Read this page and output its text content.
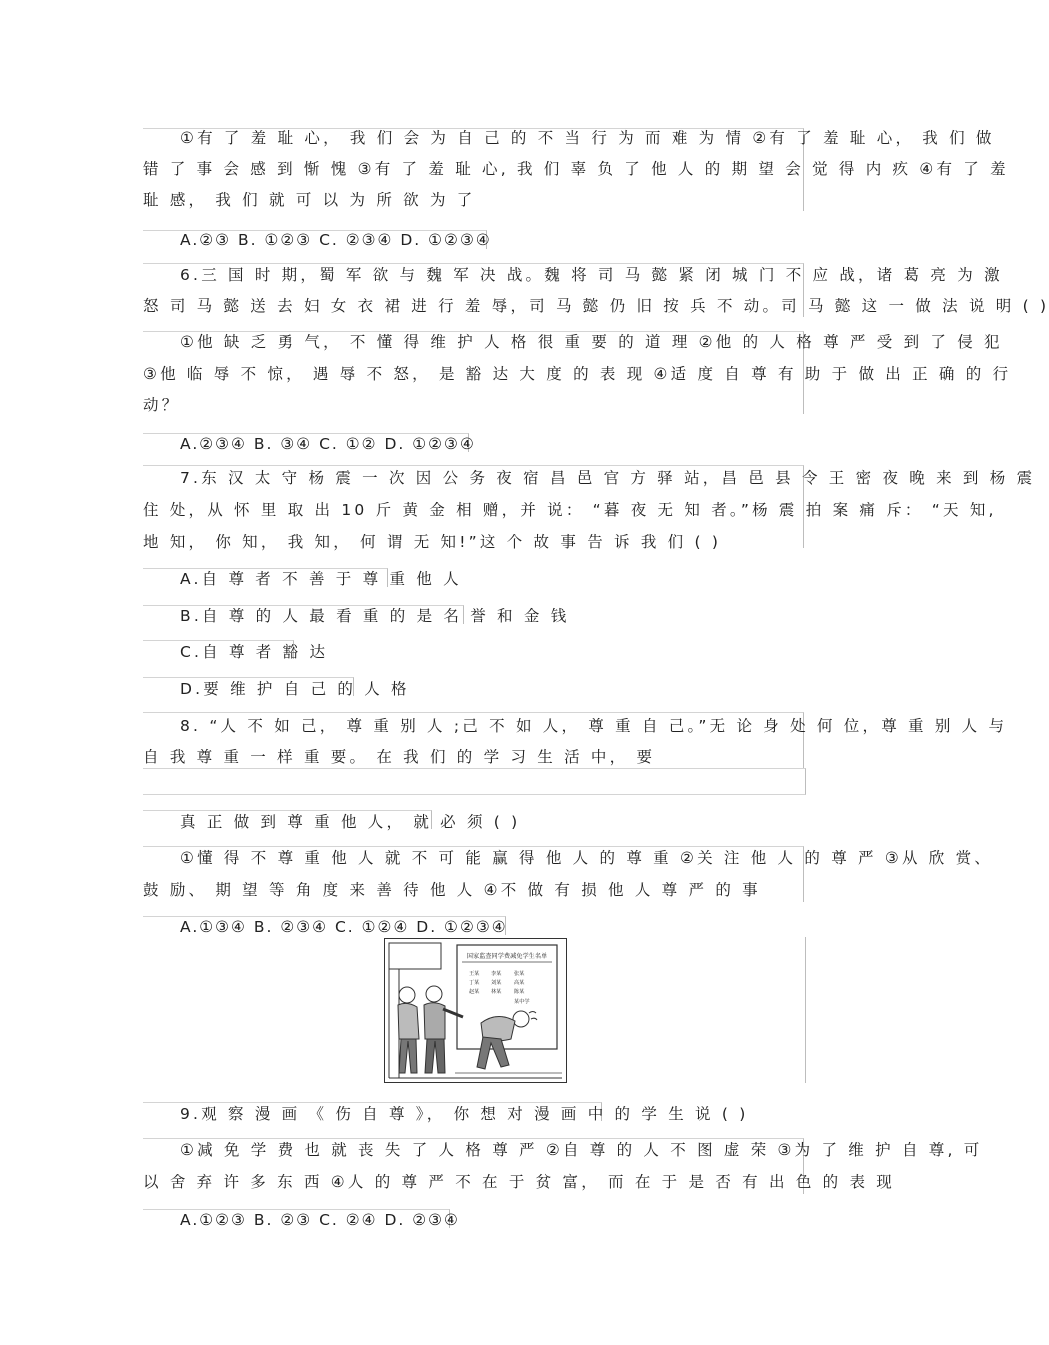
①有 了 羞 耻 心， 我 们 会 为 自 己 的 不 当 行 为 而 难 为 情 ②有 了 羞 耻 心， 我 们 做
错 了 事 会 感 到 惭 愧 ③有 了 羞 耻 心, 我 们 辜 负 了 他 人 的 期 望 会 觉 得 内 疚 ④有 了 羞
耻 感， 我 们 就 可 以 为 所 欲 为 了
A.②③ B. ①②③ C. ②③④ D. ①②③④
6.三 国 时 期，蜀 军 欲 与 魏 军 决 战。魏 将 司 马 懿 紧 闭 城 门 不 应 战，诸 葛 亮 为 激
怒 司 马 懿 送 去 妇 女 衣 裙 进 行 羞 辱，司 马 懿 仍 旧 按 兵 不 动。司 马 懿 这 一 做 法 说 明 ( )
①他 缺 乏 勇 气， 不 懂 得 维 护 人 格 很 重 要 的 道 理 ②他 的 人 格 尊 严 受 到 了 侵 犯
③他 临 辱 不 惊， 遇 辱 不 怒， 是 豁 达 大 度 的 表 现 ④适 度 自 尊 有 助 于 做 出 正 确 的 行
动？
A.②③④ B. ③④ C. ①② D. ①②③④
7.东 汉 太 守 杨 震 一 次 因 公 务 夜 宿 昌 邑 官 方 驿 站，昌 邑 县 令 王 密 夜 晚 来 到 杨 震
住 处，从 怀 里 取 出 10 斤 黄 金 相 赠，并 说： “暮 夜 无 知 者。”杨 震 拍 案 痛 斥： “天 知,
地 知， 你 知， 我 知， 何 谓 无 知!”这 个 故 事 告 诉 我 们 ( )
A.自 尊 者 不 善 于 尊 重 他 人
B.自 尊 的 人 最 看 重 的 是 名 誉 和 金 钱
C.自 尊 者 豁 达
D.要 维 护 自 己 的 人 格
8. “人 不 如 己， 尊 重 别 人 ;己 不 如 人， 尊 重 自 己。”无 论 身 处 何 位，尊 重 别 人 与
自 我 尊 重 一 样 重 要。 在 我 们 的 学 习 生 活 中， 要
真 正 做 到 尊 重 他 人， 就 必 须 ( )
①懂 得 不 尊 重 他 人 就 不 可 能 赢 得 他 人 的 尊 重 ②关 注 他 人 的 尊 严 ③从 欣 赏、
鼓 励、 期 望 等 角 度 来 善 待 他 人 ④不 做 有 损 他 人 尊 严 的 事
A.①③④ B. ②③④ C. ①②④ D. ①②③④
国家监查同学费减免学生名单
王某 李某 张某
丁某 刘某 高某
赵某 林某 陈某
某中学
9.观 察 漫 画 《 伤 自 尊 》， 你 想 对 漫 画 中 的 学 生 说 ( )
①减 免 学 费 也 就 丧 失 了 人 格 尊 严 ②自 尊 的 人 不 图 虚 荣 ③为 了 维 护 自 尊, 可
以 舍 弃 许 多 东 西 ④人 的 尊 严 不 在 于 贫 富， 而 在 于 是 否 有 出 色 的 表 现
A.①②③ B. ②③ C. ②④ D. ②③④
